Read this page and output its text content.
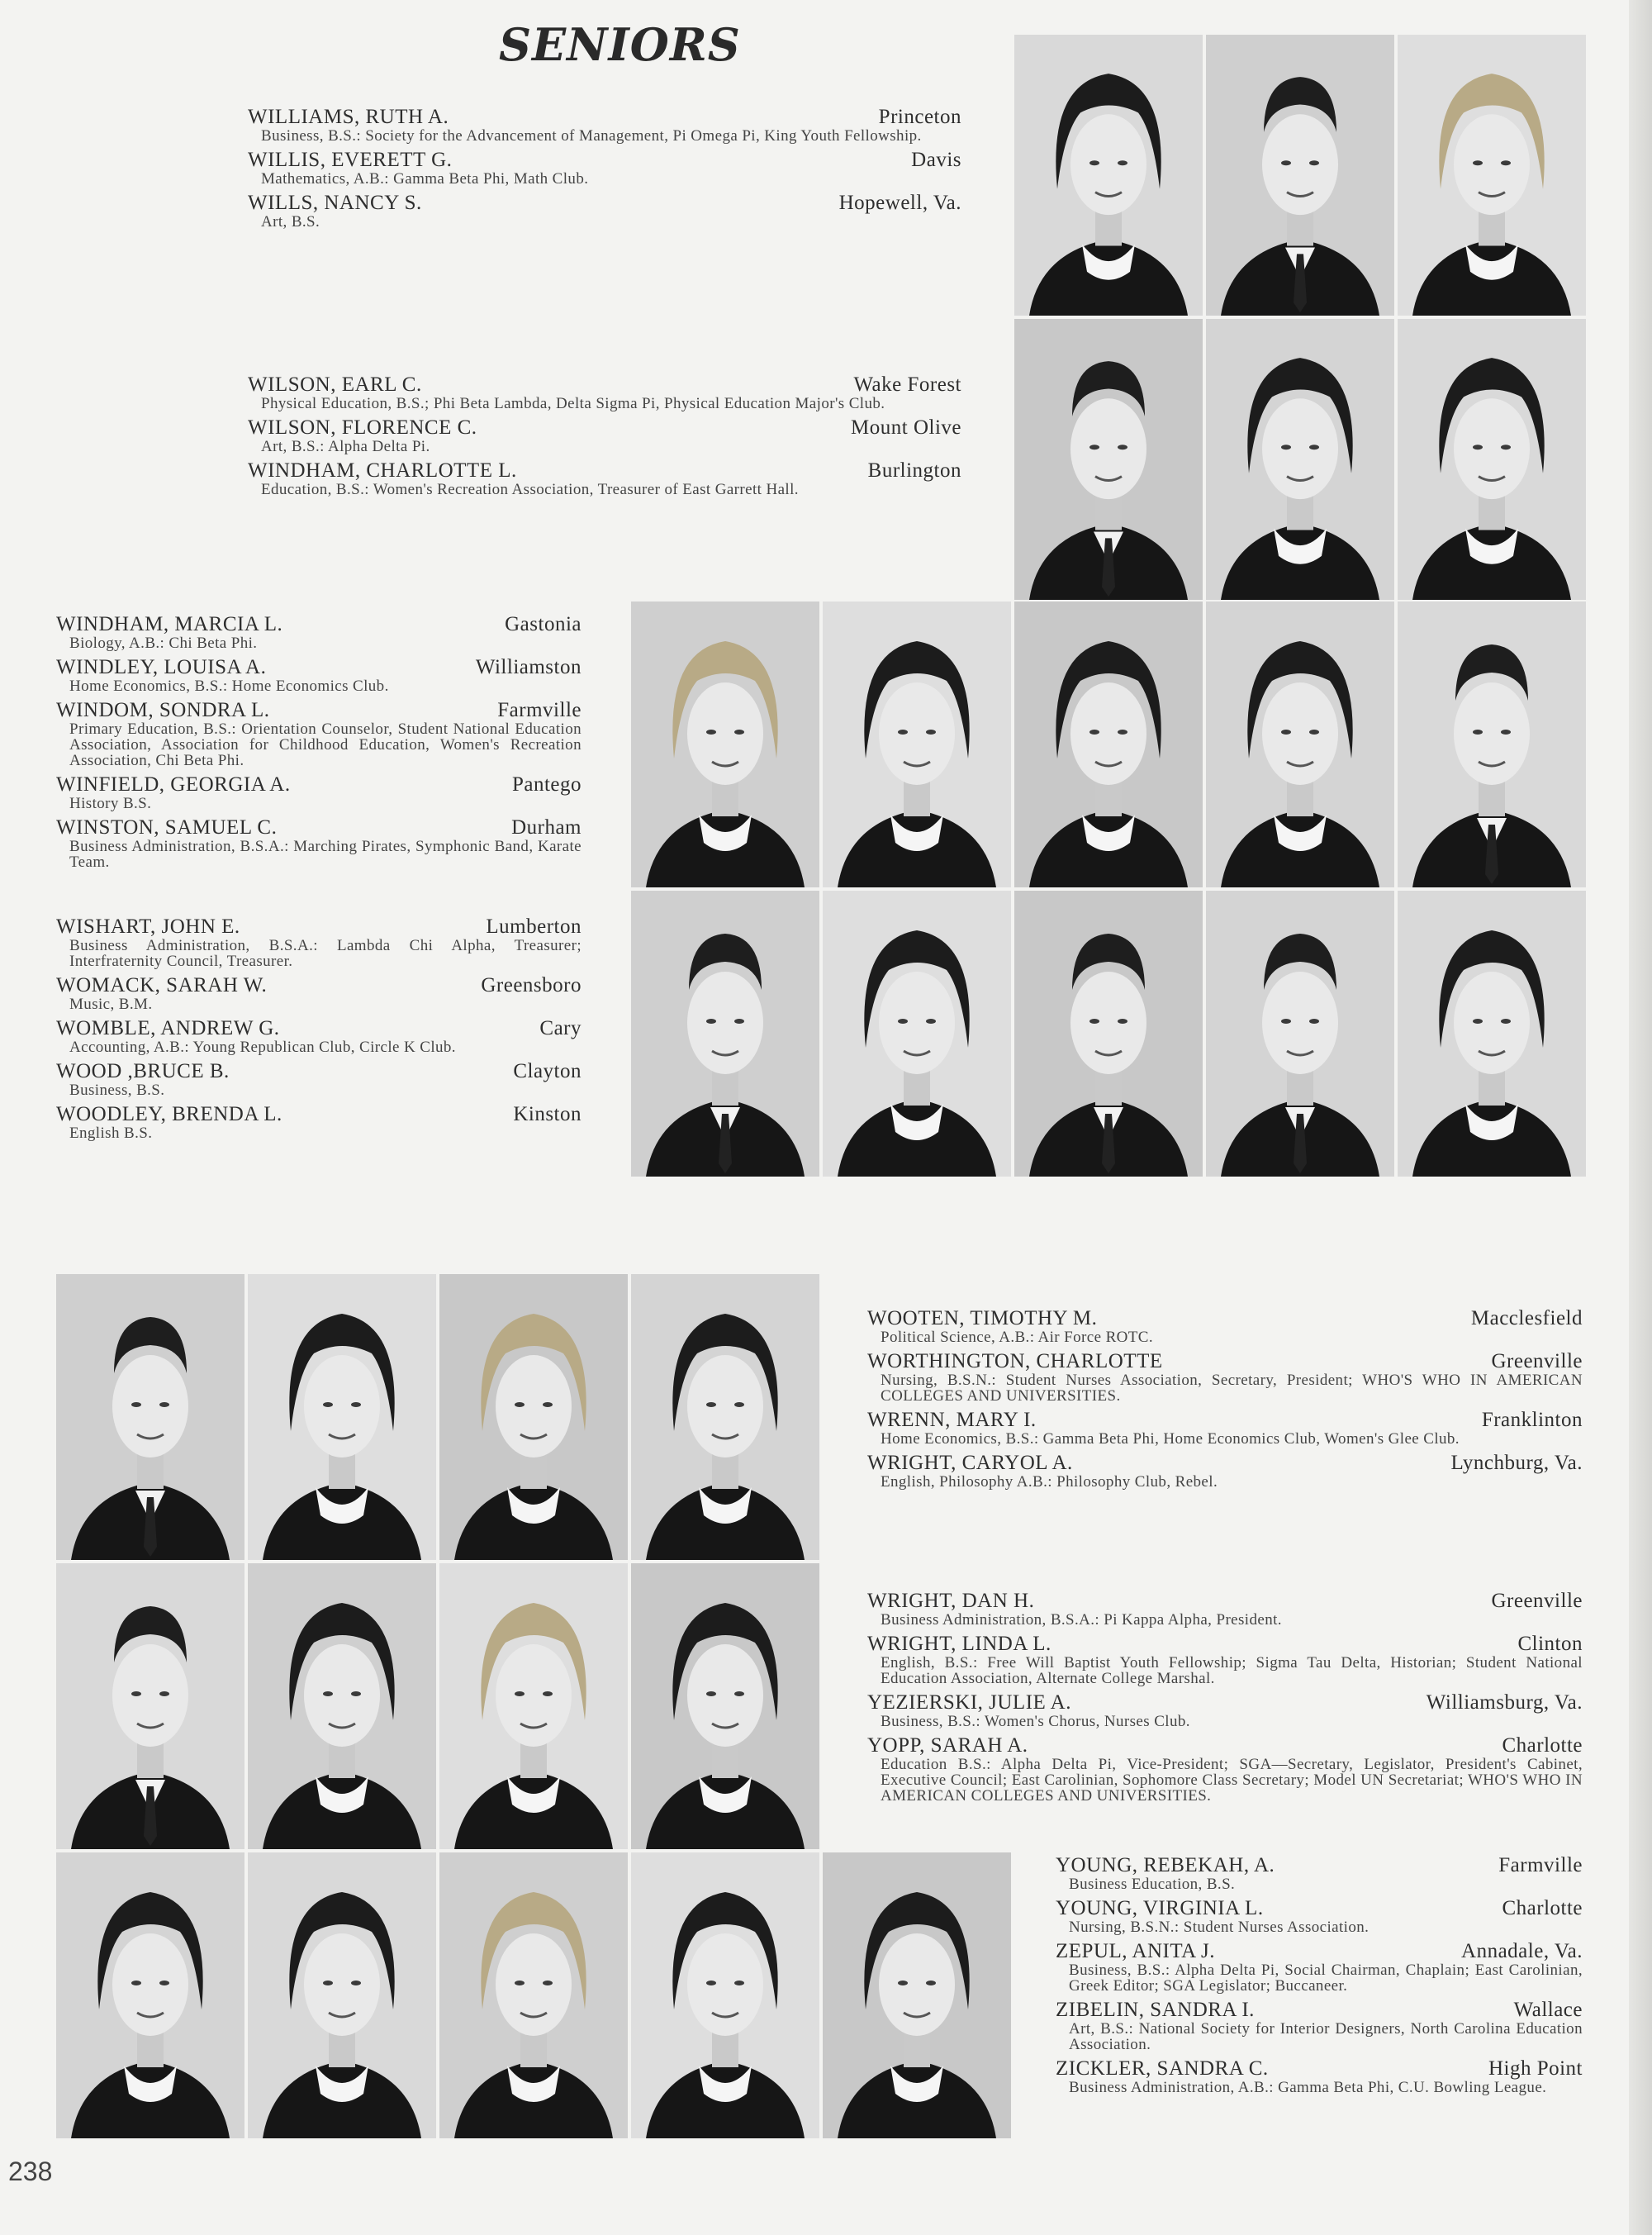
SENIORS
WILLIAMS, RUTH A.	Princeton
Business, B.S.: Society for the Advancement of Management, Pi Omega Pi, King Youth Fellowship.
WILLIS, EVERETT G.	Davis
Mathematics, A.B.: Gamma Beta Phi, Math Club.
WILLS, NANCY S.	Hopewell, Va.
Art, B.S.
WILSON, EARL C.	Wake Forest
Physical Education, B.S.; Phi Beta Lambda, Delta Sigma Pi, Physical Education Major's Club.
WILSON, FLORENCE C.	Mount Olive
Art, B.S.: Alpha Delta Pi.
WINDHAM, CHARLOTTE L.	Burlington
Education, B.S.: Women's Recreation Association, Treasurer of East Garrett Hall.
WINDHAM, MARCIA L.	Gastonia
Biology, A.B.: Chi Beta Phi.
WINDLEY, LOUISA A.	Williamston
Home Economics, B.S.: Home Economics Club.
WINDOM, SONDRA L.	Farmville
Primary Education, B.S.: Orientation Counselor, Student National Education Association, Association for Childhood Education, Women's Recreation Association, Chi Beta Phi.
WINFIELD, GEORGIA A.	Pantego
History B.S.
WINSTON, SAMUEL C.	Durham
Business Administration, B.S.A.: Marching Pirates, Symphonic Band, Karate Team.
WISHART, JOHN E.	Lumberton
Business Administration, B.S.A.: Lambda Chi Alpha, Treasurer; Interfraternity Council, Treasurer.
WOMACK, SARAH W.	Greensboro
Music, B.M.
WOMBLE, ANDREW G.	Cary
Accounting, A.B.: Young Republican Club, Circle K Club.
WOOD ,BRUCE B.	Clayton
Business, B.S.
WOODLEY, BRENDA L.	Kinston
English B.S.
WOOTEN, TIMOTHY M.	Macclesfield
Political Science, A.B.: Air Force ROTC.
WORTHINGTON, CHARLOTTE	Greenville
Nursing, B.S.N.: Student Nurses Association, Secretary, President; WHO'S WHO IN AMERICAN COLLEGES AND UNIVERSITIES.
WRENN, MARY I.	Franklinton
Home Economics, B.S.: Gamma Beta Phi, Home Economics Club, Women's Glee Club.
WRIGHT, CARYOL A.	Lynchburg, Va.
English, Philosophy A.B.: Philosophy Club, Rebel.
WRIGHT, DAN H.	Greenville
Business Administration, B.S.A.: Pi Kappa Alpha, President.
WRIGHT, LINDA L.	Clinton
English, B.S.: Free Will Baptist Youth Fellowship; Sigma Tau Delta, Historian; Student National Education Association, Alternate College Marshal.
YEZIERSKI, JULIE A.	Williamsburg, Va.
Business, B.S.: Women's Chorus, Nurses Club.
YOPP, SARAH A.	Charlotte
Education B.S.: Alpha Delta Pi, Vice-President; SGA—Secretary, Legislator, President's Cabinet, Executive Council; East Carolinian, Sophomore Class Secretary; Model UN Secretariat; WHO'S WHO IN AMERICAN COLLEGES AND UNIVERSITIES.
YOUNG, REBEKAH, A.	Farmville
Business Education, B.S.
YOUNG, VIRGINIA L.	Charlotte
Nursing, B.S.N.: Student Nurses Association.
ZEPUL, ANITA J.	Annadale, Va.
Business, B.S.: Alpha Delta Pi, Social Chairman, Chaplain; East Carolinian, Greek Editor; SGA Legislator; Buccaneer.
ZIBELIN, SANDRA I.	Wallace
Art, B.S.: National Society for Interior Designers, North Carolina Education Association.
ZICKLER, SANDRA C.	High Point
Business Administration, A.B.: Gamma Beta Phi, C.U. Bowling League.
238
